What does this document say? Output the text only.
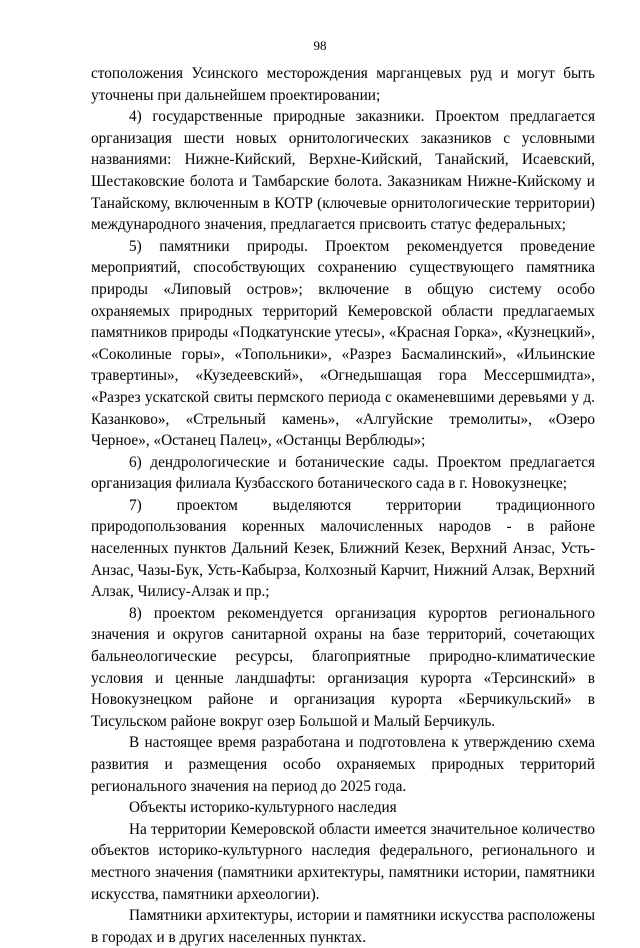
98

стоположения Усинского месторождения марганцевых руд и могут быть уточнены при дальнейшем проектировании;

4) государственные природные заказники. Проектом предлагается организация шести новых орнитологических заказников с условными названиями: Нижне-Кийский, Верхне-Кийский, Танайский, Исаевский, Шестаковские болота и Тамбарские болота. Заказникам Нижне-Кийскому и Танайскому, включенным в КОТР (ключевые орнитологические территории) международного значения, предлагается присвоить статус федеральных;

5) памятники природы. Проектом рекомендуется проведение мероприятий, способствующих сохранению существующего памятника природы «Липовый остров»; включение в общую систему особо охраняемых природных территорий Кемеровской области предлагаемых памятников природы «Подкатунские утесы», «Красная Горка», «Кузнецкий», «Соколиные горы», «Топольники», «Разрез Басмалинский», «Ильинские травертины», «Кузедеевский», «Огнедышащая гора Мессершмидта», «Разрез ускатской свиты пермского периода с окаменевшими деревьями у д. Казанково», «Стрельный камень», «Алгуйские тремолиты», «Озеро Черное», «Останец Палец», «Останцы Верблюды»;

6) дендрологические и ботанические сады. Проектом предлагается организация филиала Кузбасского ботанического сада в г. Новокузнецке;

7) проектом выделяются территории традиционного природопользования коренных малочисленных народов - в районе населенных пунктов Дальний Кезек, Ближний Кезек, Верхний Анзас, Усть-Анзас, Чазы-Бук, Усть-Кабырза, Колхозный Карчит, Нижний Алзак, Верхний Алзак, Чилису-Алзак и пр.;

8) проектом рекомендуется организация курортов регионального значения и округов санитарной охраны на базе территорий, сочетающих бальнеологические ресурсы, благоприятные природно-климатические условия и ценные ландшафты: организация курорта «Терсинский» в Новокузнецком районе и организация курорта «Берчикульский» в Тисульском районе вокруг озер Большой и Малый Берчикуль.

В настоящее время разработана и подготовлена к утверждению схема развития и размещения особо охраняемых природных территорий регионального значения на период до 2025 года.

Объекты историко-культурного наследия

На территории Кемеровской области имеется значительное количество объектов историко-культурного наследия федерального, регионального и местного значения (памятники архитектуры, памятники истории, памятники искусства, памятники археологии).

Памятники архитектуры, истории и памятники искусства расположены в городах и в других населенных пунктах.
